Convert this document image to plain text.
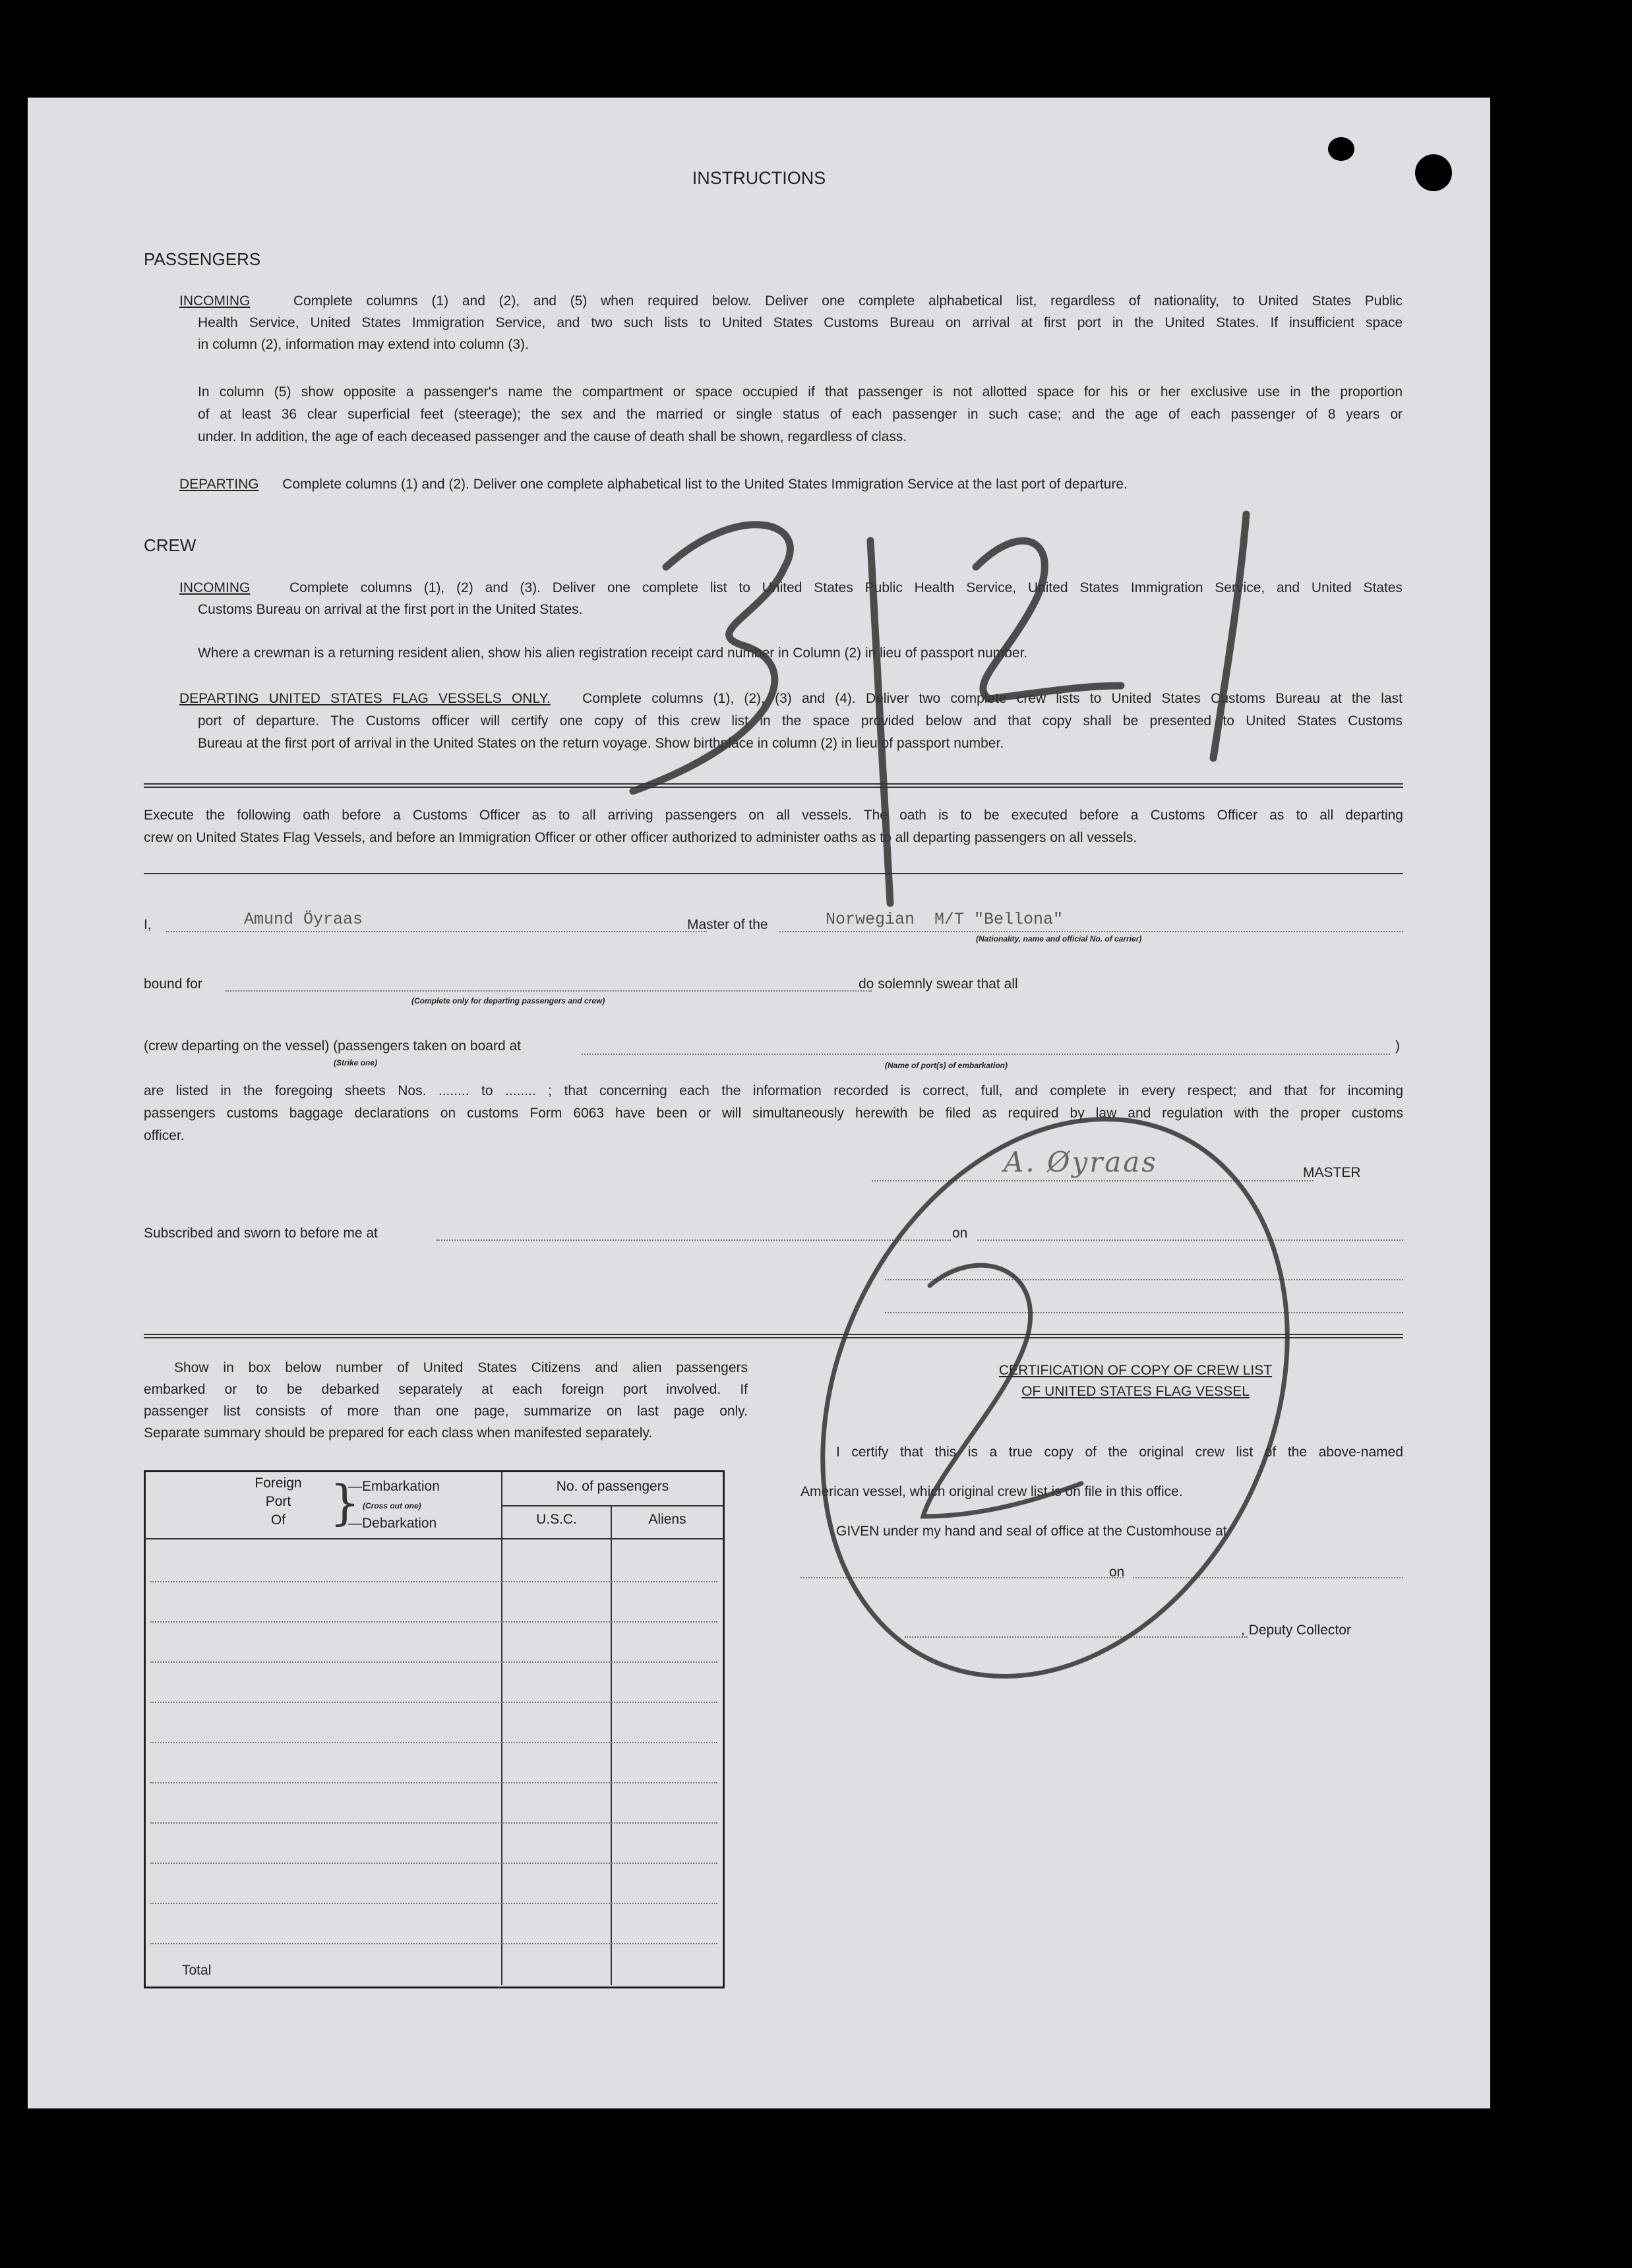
INSTRUCTIONS
PASSENGERS
INCOMING	Complete columns (1) and (2), and (5) when required below. Deliver one complete alphabetical list, regardless of nationality, to United States Public
Health Service, United States Immigration Service, and two such lists to United States Customs Bureau on arrival at first port in the United States. If insufficient space
in column (2), information may extend into column (3).
In column (5) show opposite a passenger's name the compartment or space occupied if that passenger is not allotted space for his or her exclusive use in the proportion
of at least 36 clear superficial feet (steerage); the sex and the married or single status of each passenger in such case; and the age of each passenger of 8 years or
under. In addition, the age of each deceased passenger and the cause of death shall be shown, regardless of class.
DEPARTING Complete columns (1) and (2). Deliver one complete alphabetical list to the United States Immigration Service at the last port of departure.
CREW
INCOMING	Complete columns (1), (2) and (3). Deliver one complete list to United States Public Health Service, United States Immigration Service, and United States
Customs Bureau on arrival at the first port in the United States.
Where a crewman is a returning resident alien, show his alien registration receipt card number in Column (2) in lieu of passport number.
DEPARTING UNITED STATES FLAG VESSELS ONLY. Complete columns (1), (2), (3) and (4). Deliver two complete crew lists to United States Customs Bureau at the last
port of departure. The Customs officer will certify one copy of this crew list in the space provided below and that copy shall be presented to United States Customs
Bureau at the first port of arrival in the United States on the return voyage. Show birthplace in column (2) in lieu of passport number.
Execute the following oath before a Customs Officer as to all arriving passengers on all vessels. The oath is to be executed before a Customs Officer as to all departing
crew on United States Flag Vessels, and before an Immigration Officer or other officer authorized to administer oaths as to all departing passengers on all vessels.
I,	Amund Öyraas	Master of the	Norwegian  M/T "Bellona"
(Nationality, name and official No. of carrier)
bound for
(Complete only for departing passengers and crew)
do solemnly swear that all
(crew departing on the vessel) (passengers taken on board at
(Strike one)	(Name of port(s) of embarkation)
)
are listed in the foregoing sheets Nos. ........ to ........ ; that concerning each the information recorded is correct, full, and complete in every respect; and that for incoming
passengers customs baggage declarations on customs Form 6063 have been or will simultaneously herewith be filed as required by law and regulation with the proper customs
officer.
A. Øyraas	MASTER
Subscribed and sworn to before me at	on
Show in box below number of United States Citizens and alien passengers
embarked or to be debarked separately at each foreign port involved. If
passenger list consists of more than one page, summarize on last page only.
Separate summary should be prepared for each class when manifested separately.
Foreign
Port
Of }
—Embarkation
(Cross out one)
—Debarkation
No. of passengers
U.S.C.	Aliens
Total
CERTIFICATION OF COPY OF CREW LIST
OF UNITED STATES FLAG VESSEL
I certify that this is a true copy of the original crew list of the above-named
American vessel, which original crew list is on file in this office.
GIVEN under my hand and seal of office at the Customhouse at
on
, Deputy Collector
